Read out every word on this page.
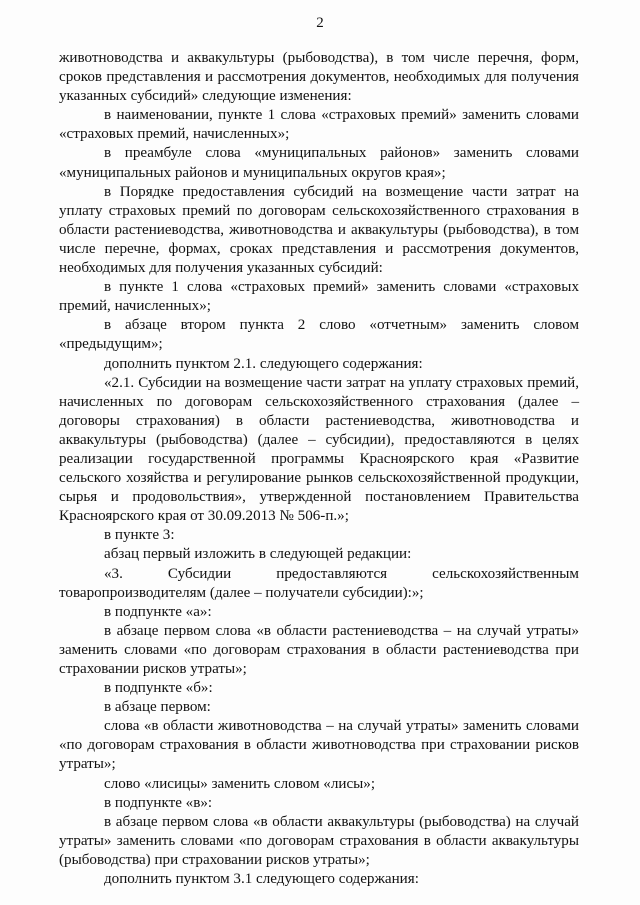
2

животноводства и аквакультуры (рыбоводства), в том числе перечня, форм, сроков представления и рассмотрения документов, необходимых для получения указанных субсидий» следующие изменения:

в наименовании, пункте 1 слова «страховых премий» заменить словами «страховых премий, начисленных»;

в преамбуле слова «муниципальных районов» заменить словами «муниципальных районов и муниципальных округов края»;

в Порядке предоставления субсидий на возмещение части затрат на уплату страховых премий по договорам сельскохозяйственного страхования в области растениеводства, животноводства и аквакультуры (рыбоводства), в том числе перечне, формах, сроках представления и рассмотрения документов, необходимых для получения указанных субсидий:

в пункте 1 слова «страховых премий» заменить словами «страховых премий, начисленных»;

в абзаце втором пункта 2 слово «отчетным» заменить словом «предыдущим»;

дополнить пунктом 2.1. следующего содержания:

«2.1. Субсидии на возмещение части затрат на уплату страховых премий, начисленных по договорам сельскохозяйственного страхования (далее – договоры страхования) в области растениеводства, животноводства и аквакультуры (рыбоводства) (далее – субсидии), предоставляются в целях реализации государственной программы Красноярского края «Развитие сельского хозяйства и регулирование рынков сельскохозяйственной продукции, сырья и продовольствия», утвержденной постановлением Правительства Красноярского края от 30.09.2013 № 506-п.»;

в пункте 3:

абзац первый изложить в следующей редакции:

«3. Субсидии предоставляются сельскохозяйственным товаропроизводителям (далее – получатели субсидии):»;

в подпункте «а»:

в абзаце первом слова «в области растениеводства – на случай утраты» заменить словами «по договорам страхования в области растениеводства при страховании рисков утраты»;

в подпункте «б»:

в абзаце первом:

слова «в области животноводства – на случай утраты» заменить словами «по договорам страхования в области животноводства при страховании рисков утраты»;

слово «лисицы» заменить словом «лисы»;

в подпункте «в»:

в абзаце первом слова «в области аквакультуры (рыбоводства) на случай утраты» заменить словами «по договорам страхования в области аквакультуры (рыбоводства) при страховании рисков утраты»;

дополнить пунктом 3.1 следующего содержания:
